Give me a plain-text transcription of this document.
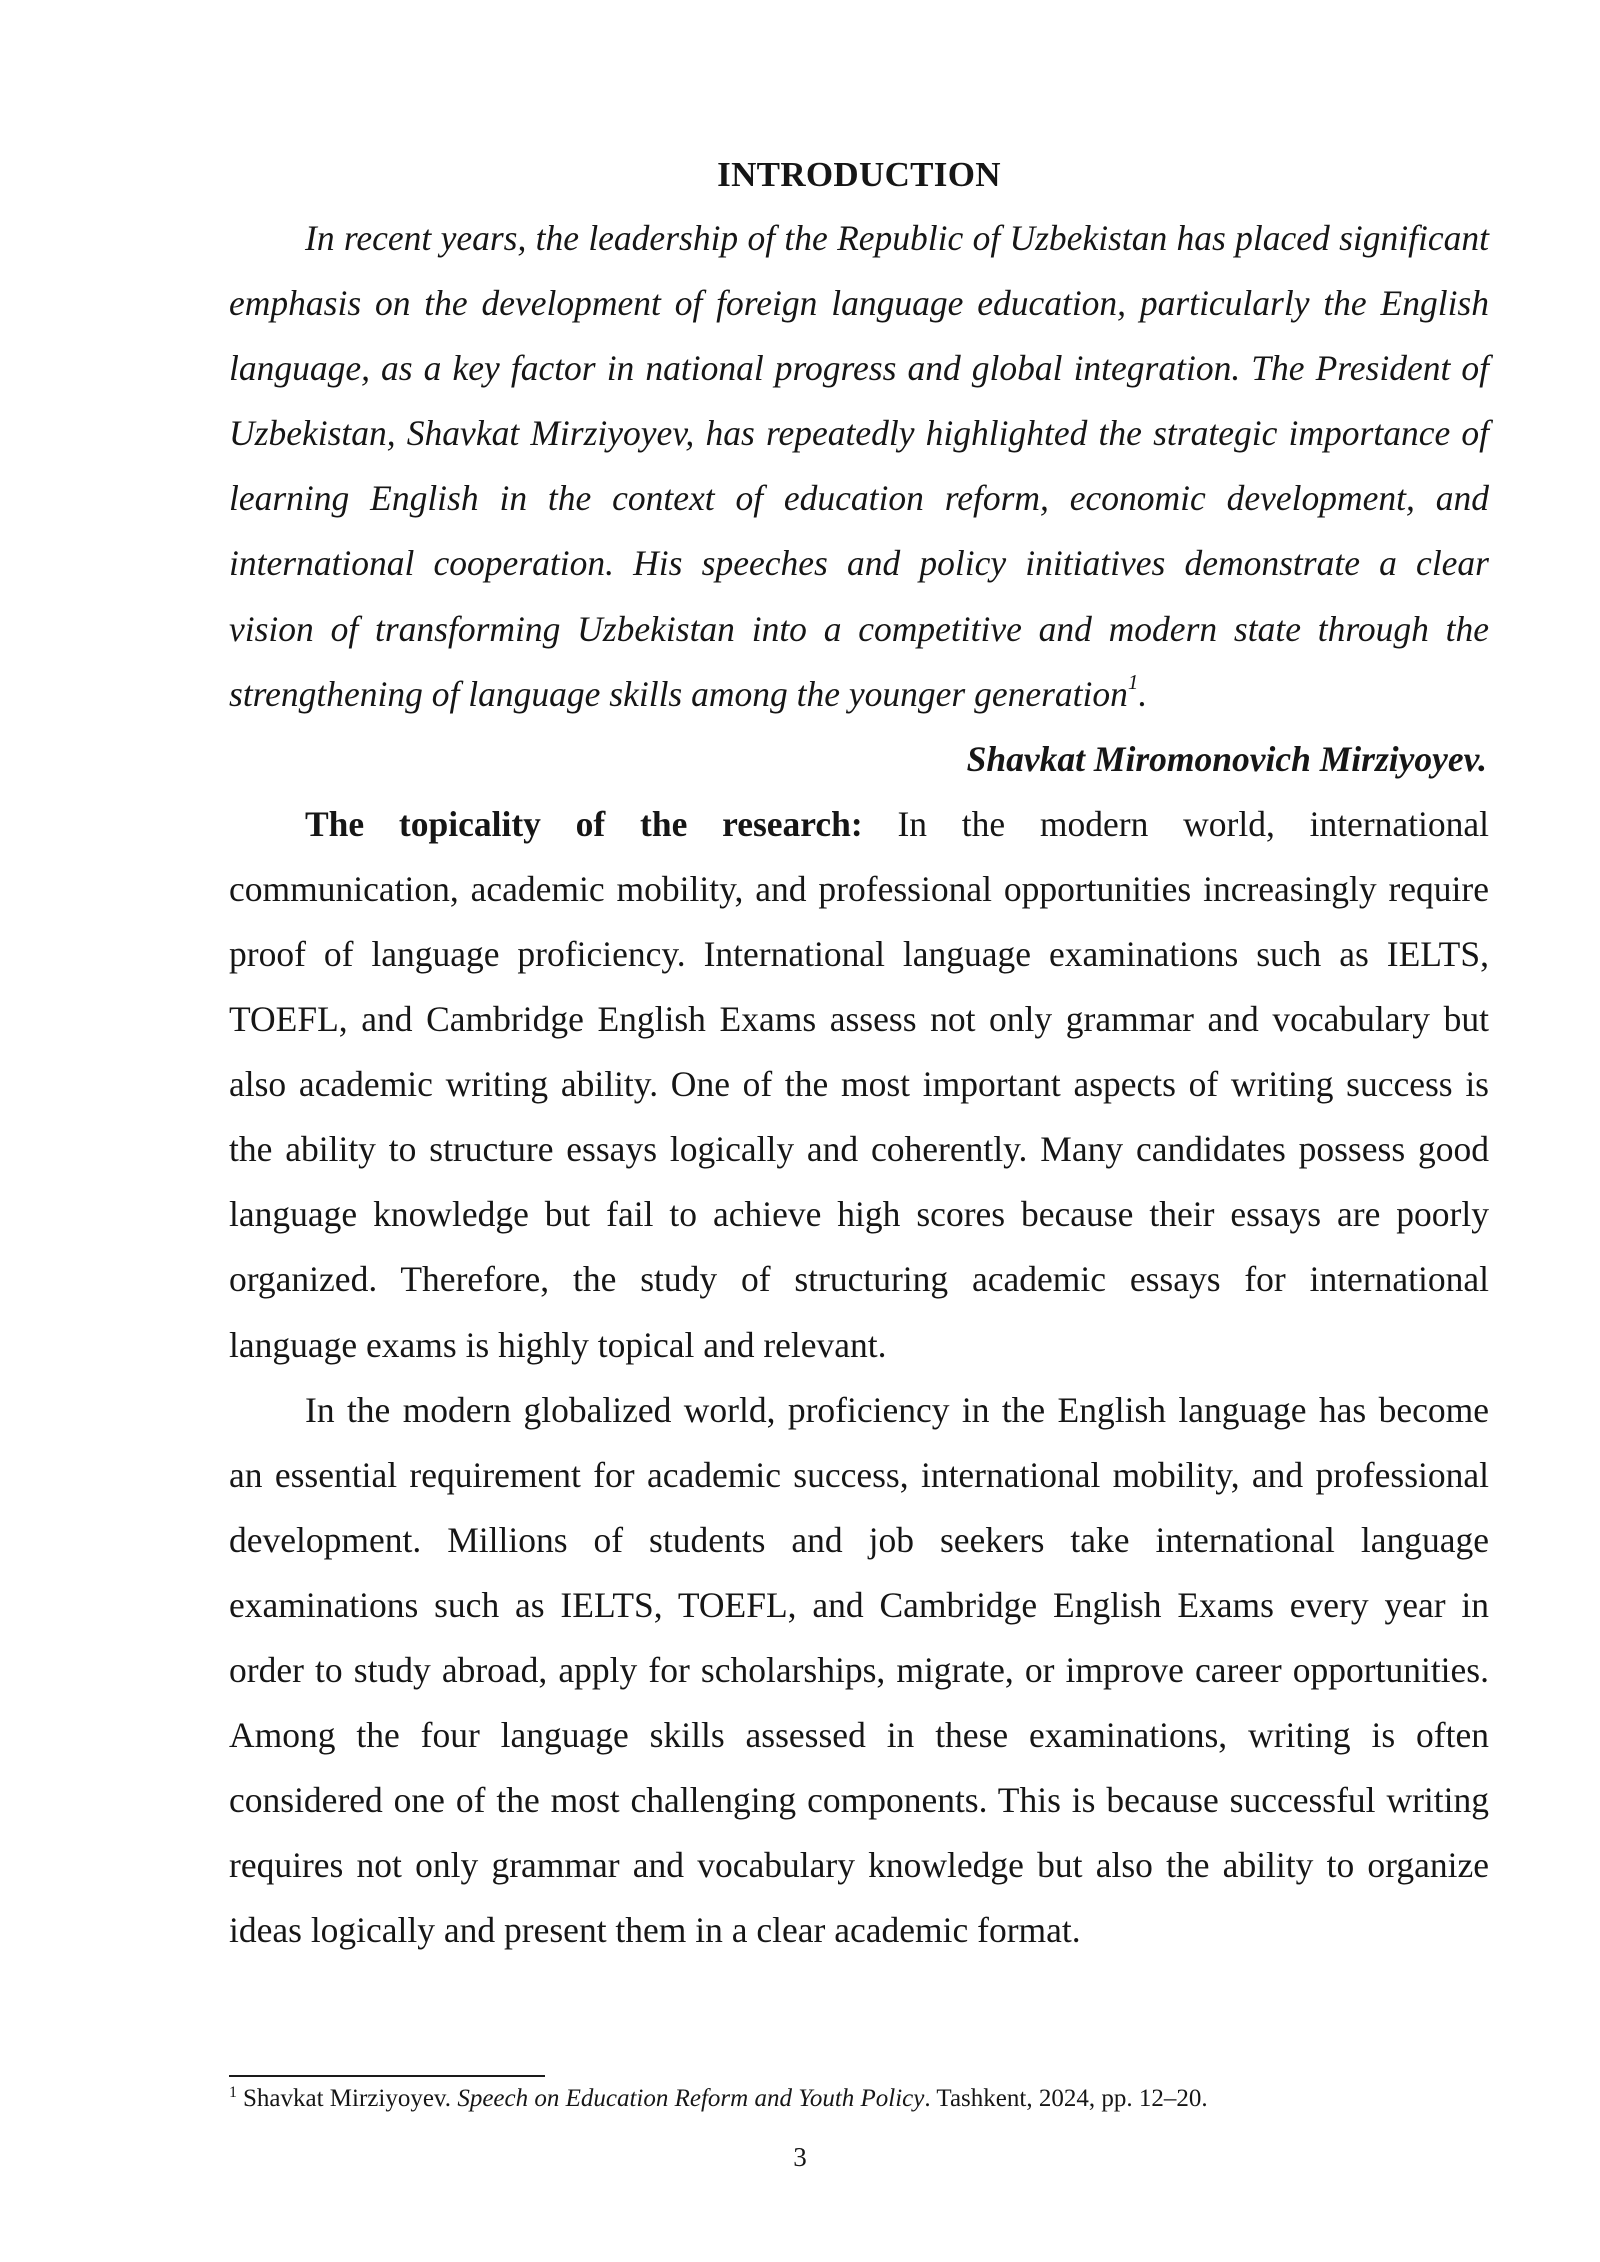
INTRODUCTION

In recent years, the leadership of the Republic of Uzbekistan has placed significant emphasis on the development of foreign language education, particularly the English language, as a key factor in national progress and global integration. The President of Uzbekistan, Shavkat Mirziyoyev, has repeatedly highlighted the strategic importance of learning English in the context of education reform, economic development, and international cooperation. His speeches and policy initiatives demonstrate a clear vision of transforming Uzbekistan into a competitive and modern state through the strengthening of language skills among the younger generation$^1$.

Shavkat Miromonovich Mirziyoyev.

The topicality of the research: In the modern world, international communication, academic mobility, and professional opportunities increasingly require proof of language proficiency. International language examinations such as IELTS, TOEFL, and Cambridge English Exams assess not only grammar and vocabulary but also academic writing ability. One of the most important aspects of writing success is the ability to structure essays logically and coherently. Many candidates possess good language knowledge but fail to achieve high scores because their essays are poorly organized. Therefore, the study of structuring academic essays for international language exams is highly topical and relevant.

In the modern globalized world, proficiency in the English language has become an essential requirement for academic success, international mobility, and professional development. Millions of students and job seekers take international language examinations such as IELTS, TOEFL, and Cambridge English Exams every year in order to study abroad, apply for scholarships, migrate, or improve career opportunities. Among the four language skills assessed in these examinations, writing is often considered one of the most challenging components. This is because successful writing requires not only grammar and vocabulary knowledge but also the ability to organize ideas logically and present them in a clear academic format.

$^1$ Shavkat Mirziyoyev. Speech on Education Reform and Youth Policy. Tashkent, 2024, pp. 12–20.

3
